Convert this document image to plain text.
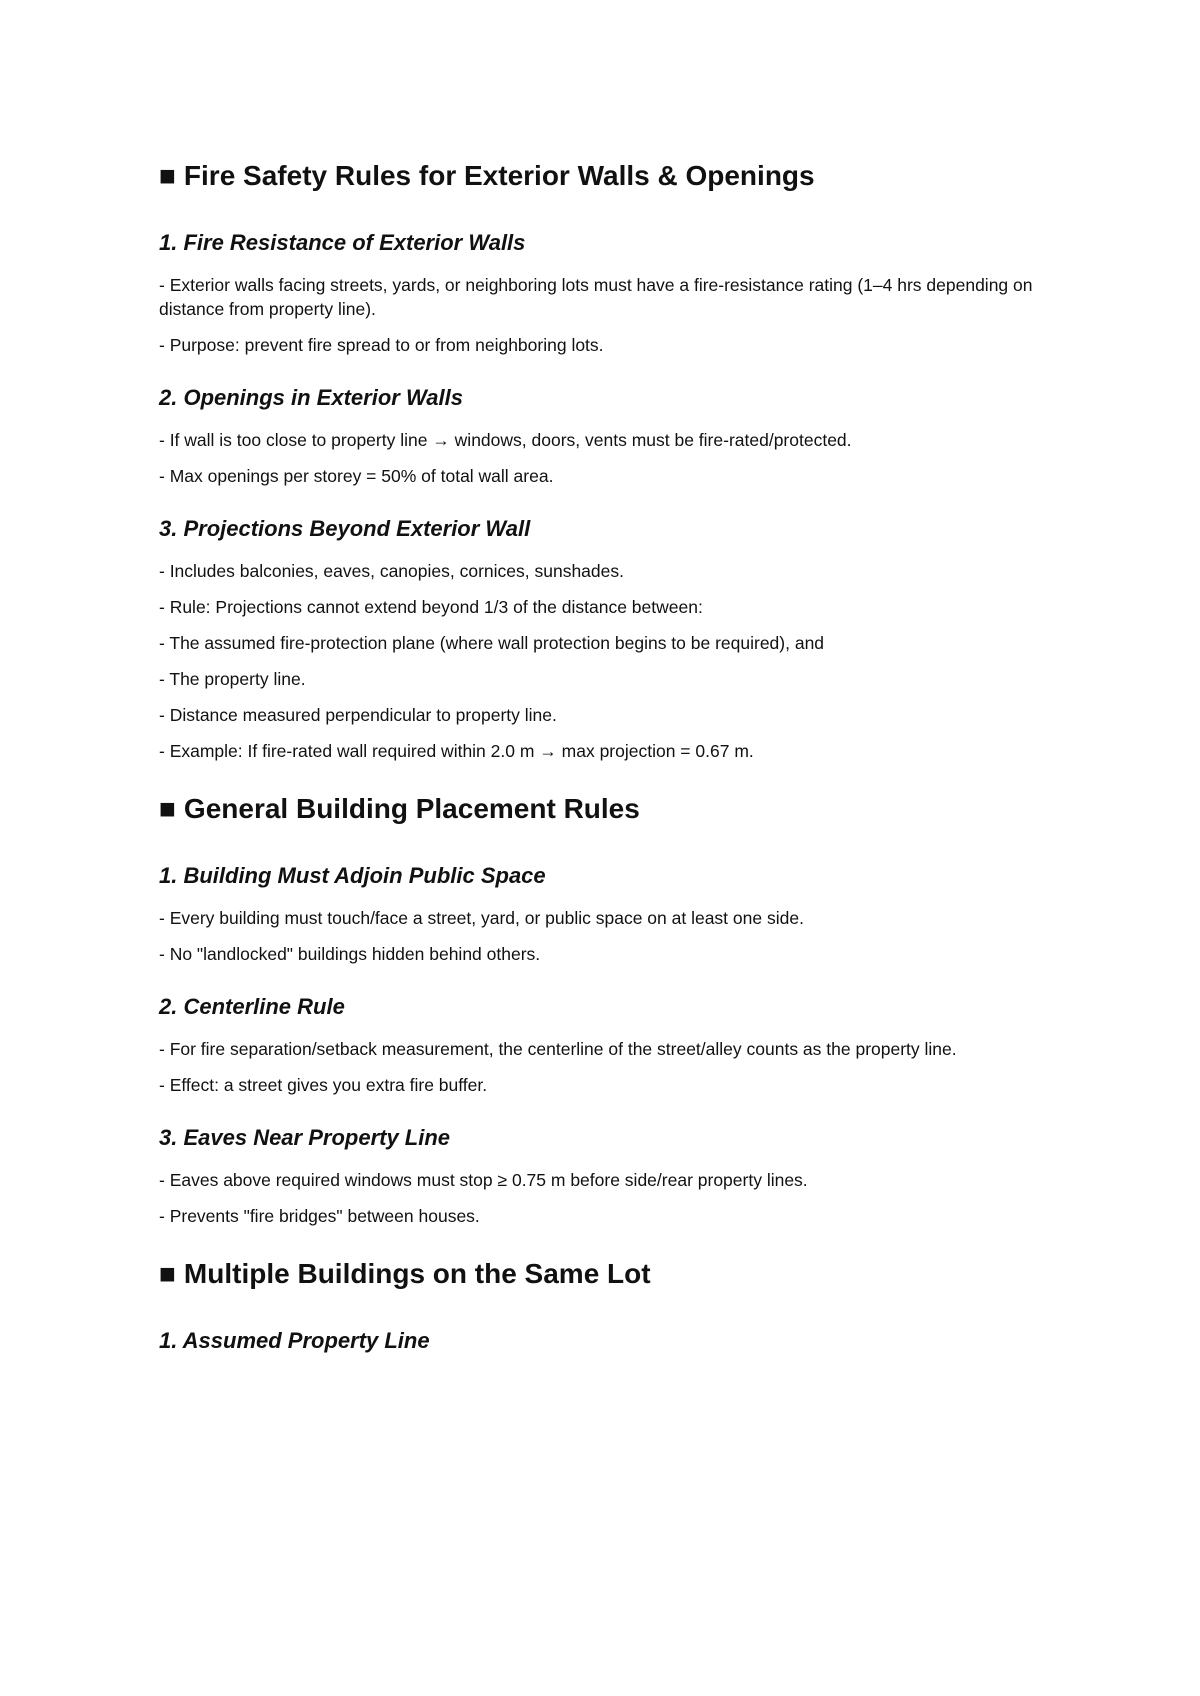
■ Fire Safety Rules for Exterior Walls & Openings
1. Fire Resistance of Exterior Walls
- Exterior walls facing streets, yards, or neighboring lots must have a fire-resistance rating (1–4 hrs depending on distance from property line).
- Purpose: prevent fire spread to or from neighboring lots.
2. Openings in Exterior Walls
- If wall is too close to property line → windows, doors, vents must be fire-rated/protected.
- Max openings per storey = 50% of total wall area.
3. Projections Beyond Exterior Wall
- Includes balconies, eaves, canopies, cornices, sunshades.
- Rule: Projections cannot extend beyond 1/3 of the distance between:
- The assumed fire-protection plane (where wall protection begins to be required), and
- The property line.
- Distance measured perpendicular to property line.
- Example: If fire-rated wall required within 2.0 m → max projection = 0.67 m.
■ General Building Placement Rules
1. Building Must Adjoin Public Space
- Every building must touch/face a street, yard, or public space on at least one side.
- No "landlocked" buildings hidden behind others.
2. Centerline Rule
- For fire separation/setback measurement, the centerline of the street/alley counts as the property line.
- Effect: a street gives you extra fire buffer.
3. Eaves Near Property Line
- Eaves above required windows must stop ≥ 0.75 m before side/rear property lines.
- Prevents "fire bridges" between houses.
■ Multiple Buildings on the Same Lot
1. Assumed Property Line
